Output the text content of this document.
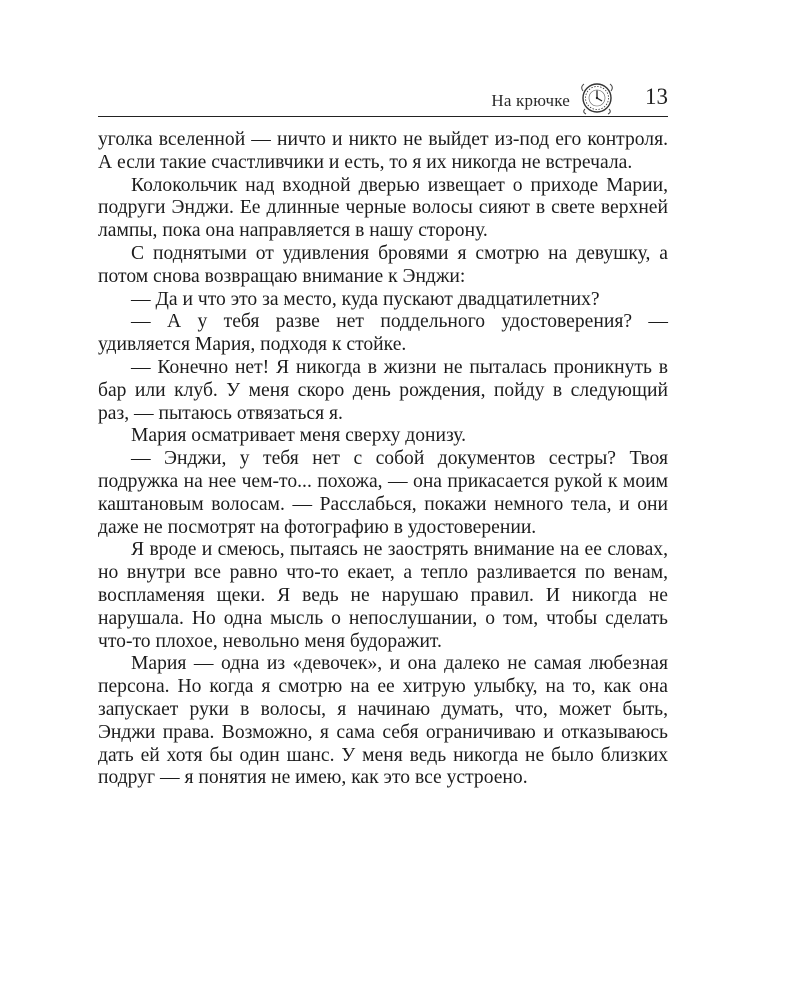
На крючке	13

уголка вселенной — ничто и никто не выйдет из-под его контроля. А если такие счастливчики и есть, то я их никогда не встречала.

Колокольчик над входной дверью извещает о приходе Марии, подруги Энджи. Ее длинные черные волосы сияют в свете верхней лампы, пока она направляется в нашу сторону.

С поднятыми от удивления бровями я смотрю на девушку, а потом снова возвращаю внимание к Энджи:

— Да и что это за место, куда пускают двадцатилетних?

— А у тебя разве нет поддельного удостоверения? — удивляется Мария, подходя к стойке.

— Конечно нет! Я никогда в жизни не пыталась проникнуть в бар или клуб. У меня скоро день рождения, пойду в следующий раз, — пытаюсь отвязаться я.

Мария осматривает меня сверху донизу.

— Энджи, у тебя нет с собой документов сестры? Твоя подружка на нее чем-то... похожа, — она прикасается рукой к моим каштановым волосам. — Расслабься, покажи немного тела, и они даже не посмотрят на фотографию в удостоверении.

Я вроде и смеюсь, пытаясь не заострять внимание на ее словах, но внутри все равно что-то екает, а тепло разливается по венам, воспламеняя щеки. Я ведь не нарушаю правил. И никогда не нарушала. Но одна мысль о непослушании, о том, чтобы сделать что-то плохое, невольно меня будоражит.

Мария — одна из «девочек», и она далеко не самая любезная персона. Но когда я смотрю на ее хитрую улыбку, на то, как она запускает руки в волосы, я начинаю думать, что, может быть, Энджи права. Возможно, я сама себя ограничиваю и отказываюсь дать ей хотя бы один шанс. У меня ведь никогда не было близких подруг — я понятия не имею, как это все устроено.
